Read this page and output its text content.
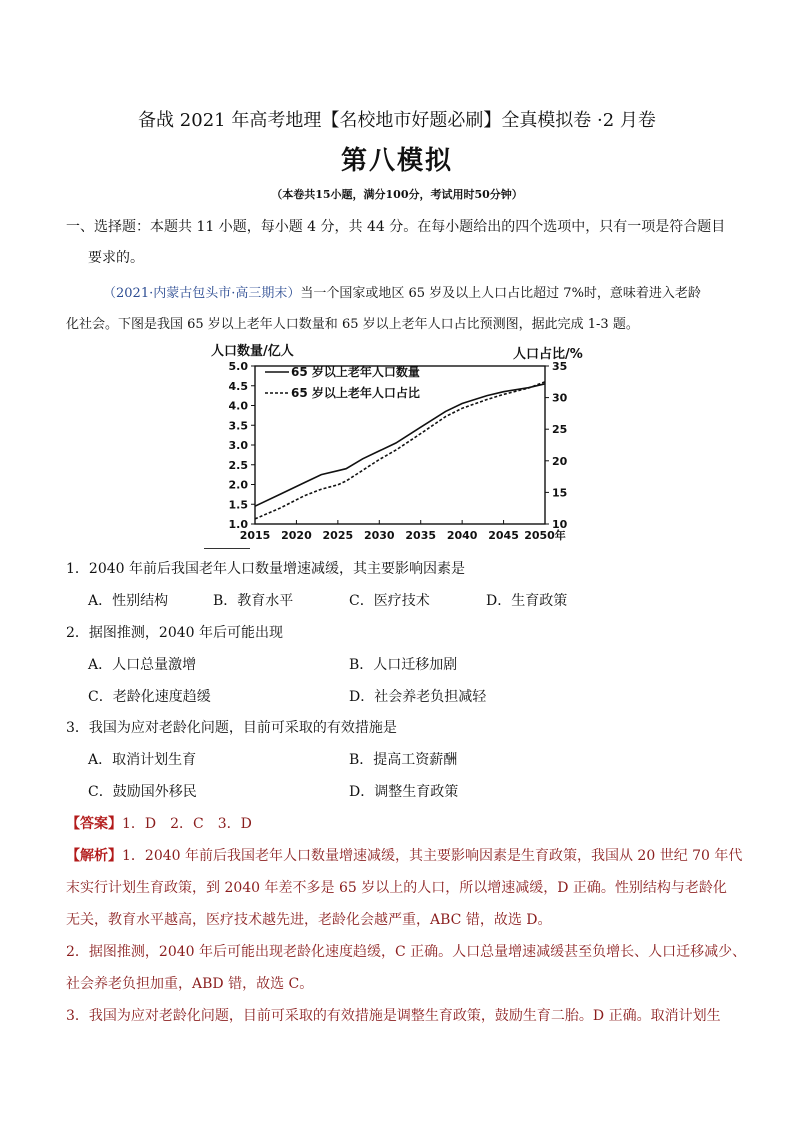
备战 2021 年高考地理【名校地市好题必刷】全真模拟卷 ·2 月卷
第八模拟
（本卷共15小题，满分100分，考试用时50分钟）
一、选择题：本题共 11 小题，每小题 4 分，共 44 分。在每小题给出的四个选项中，只有一项是符合题目
要求的。
（2021·内蒙古包头市·高三期末）当一个国家或地区 65 岁及以上人口占比超过 7%时，意味着进入老龄
化社会。下图是我国 65 岁以上老年人口数量和 65 岁以上老年人口占比预测图，据此完成 1-3 题。
人口数量/亿人	人口占比/%
5.0
4.5
4.0
3.5
3.0
2.5
2.0
1.5
1.0
35
30
25
20
15
10
2015 2020 2025 2030 2035 2040 2045 2050年
65 岁以上老年人口数量
65 岁以上老年人口占比
1．2040 年前后我国老年人口数量增速减缓，其主要影响因素是
A．性别结构	B．教育水平	C．医疗技术	D．生育政策
2．据图推测，2040 年后可能出现
A．人口总量激增	B．人口迁移加剧
C．老龄化速度趋缓	D．社会养老负担减轻
3．我国为应对老龄化问题，目前可采取的有效措施是
A．取消计划生育	B．提高工资薪酬
C．鼓励国外移民	D．调整生育政策
【答案】1．D　2．C　3．D
【解析】1．2040 年前后我国老年人口数量增速减缓，其主要影响因素是生育政策，我国从 20 世纪 70 年代
末实行计划生育政策，到 2040 年差不多是 65 岁以上的人口，所以增速减缓，D 正确。性别结构与老龄化
无关，教育水平越高，医疗技术越先进，老龄化会越严重，ABC 错，故选 D。
2．据图推测，2040 年后可能出现老龄化速度趋缓，C 正确。人口总量增速减缓甚至负增长、人口迁移减少、
社会养老负担加重，ABD 错，故选 C。
3．我国为应对老龄化问题，目前可采取的有效措施是调整生育政策，鼓励生育二胎。D 正确。取消计划生
